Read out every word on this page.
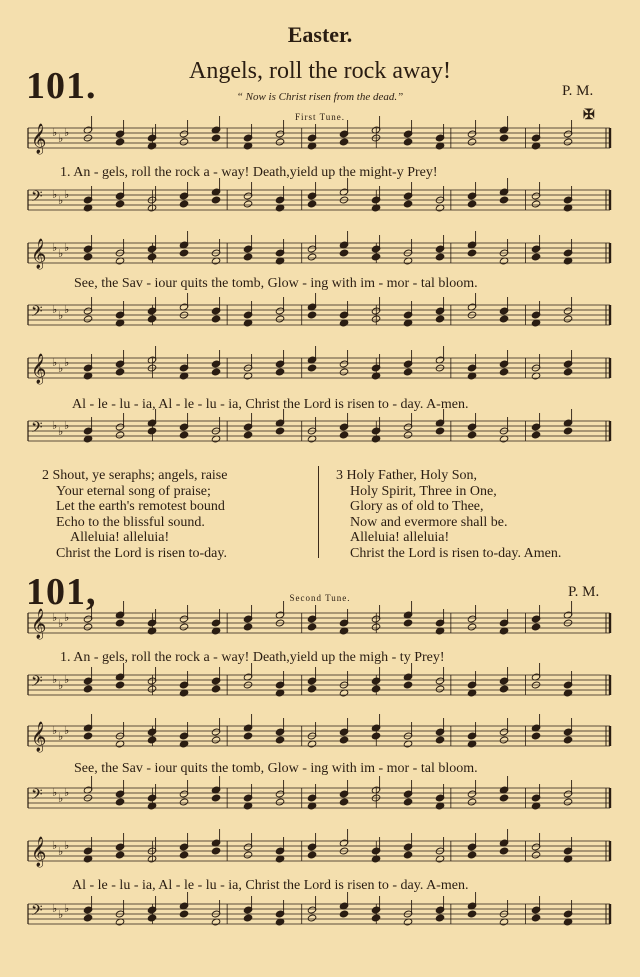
Easter.
101.	Angels, roll the rock away!
“ Now is Christ risen from the dead.”	P. M.
First Tune.	✠
𝄞 ♭ ♭ ♭
𝄢 ♭ ♭ ♭
𝄞 ♭ ♭ ♭
𝄢 ♭ ♭ ♭
𝄞 ♭ ♭ ♭
𝄢 ♭ ♭ ♭
𝄞 ♭ ♭ ♭
𝄢 ♭ ♭ ♭
𝄞 ♭ ♭ ♭
𝄢 ♭ ♭ ♭
𝄞 ♭ ♭ ♭
𝄢 ♭ ♭ ♭
1. An - gels, roll the rock a - way! Death,yield up the might-y Prey!
See, the Sav - iour quits the tomb, Glow - ing with im - mor - tal bloom.
Al - le - lu - ia, Al - le - lu - ia, Christ the Lord is risen to - day. A-men.
2 Shout, ye seraphs; angels, raise
Your eternal song of praise;
Let the earth's remotest bound
Echo to the blissful sound.
Alleluia! alleluia!
Christ the Lord is risen to-day.
3 Holy Father, Holy Son,
Holy Spirit, Three in One,
Glory as of old to Thee,
Now and evermore shall be.
Alleluia! alleluia!
Christ the Lord is risen to-day. Amen.
101,	Second Tune.	P. M.
1. An - gels, roll the rock a - way! Death,yield up the migh - ty Prey!
See, the Sav - iour quits the tomb, Glow - ing with im - mor - tal bloom.
Al - le - lu - ia, Al - le - lu - ia, Christ the Lord is risen to - day. A-men.
